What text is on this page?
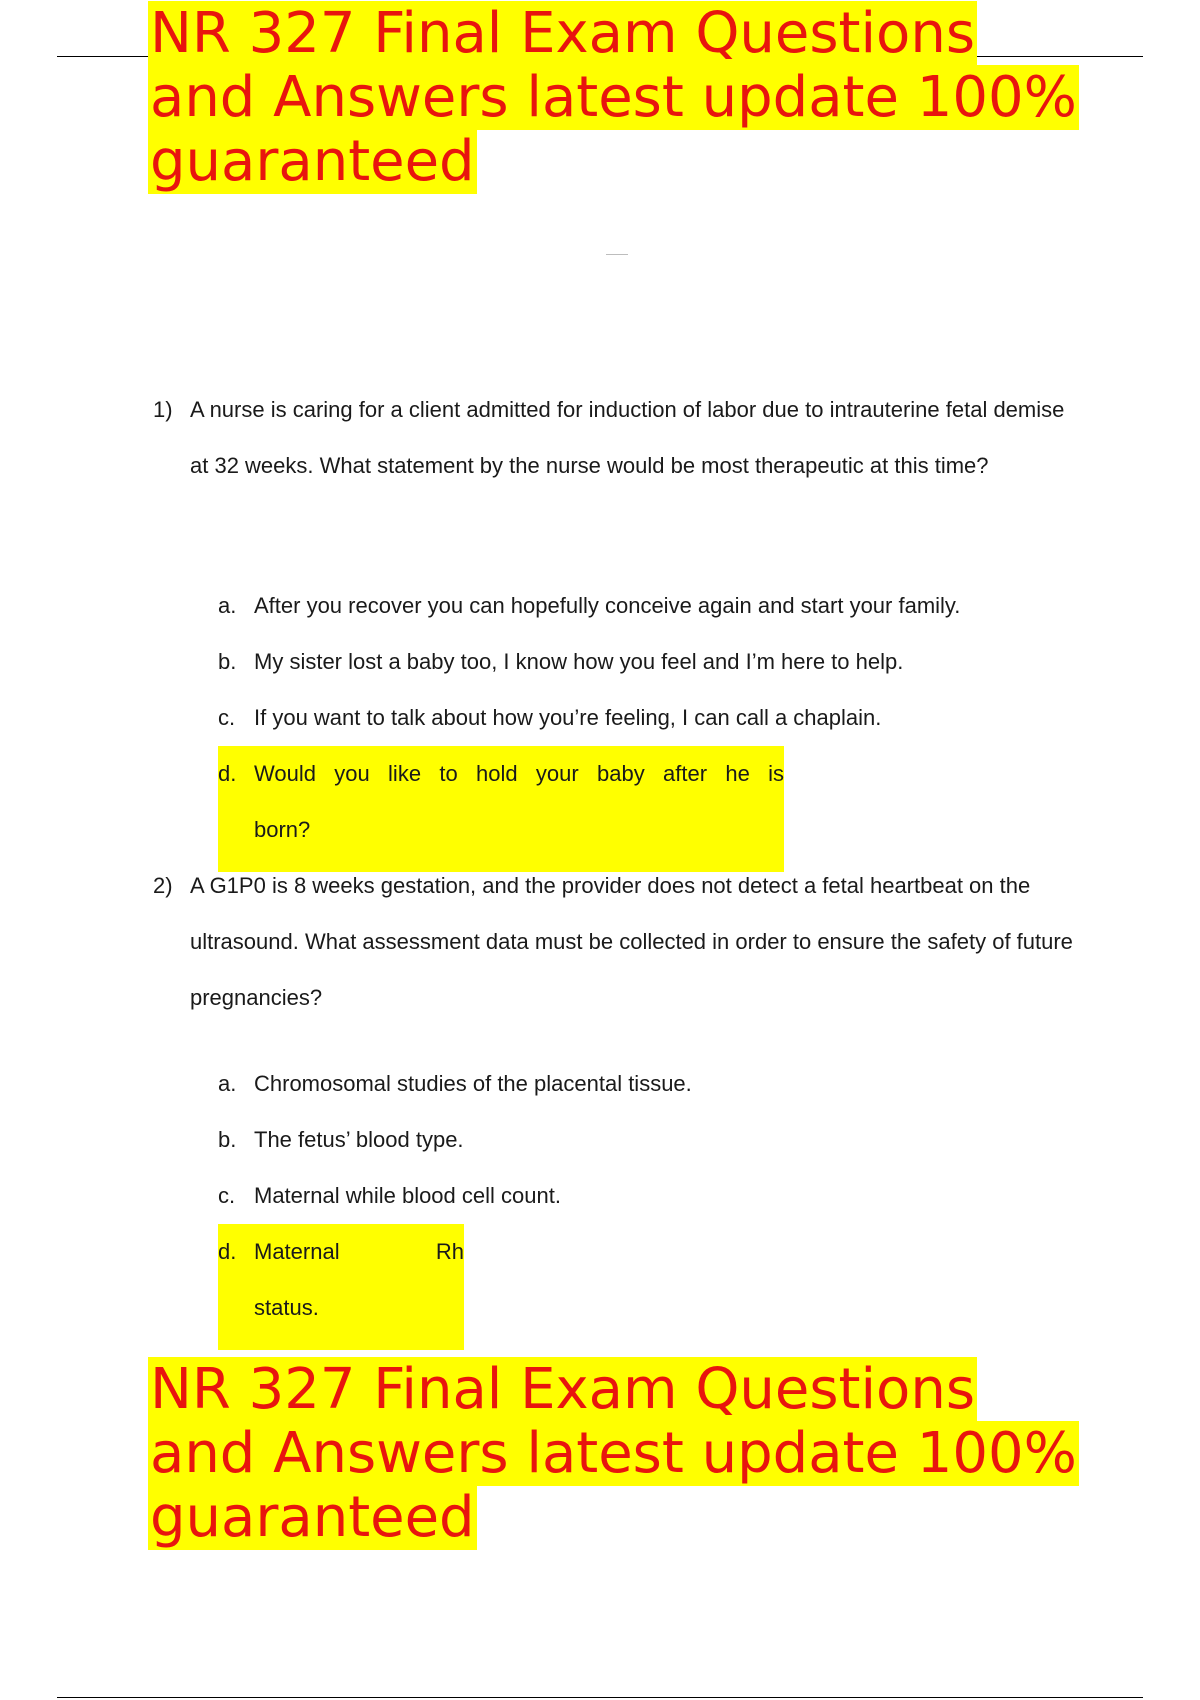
NR 327 Final Exam Questions and Answers latest update 100% guaranteed
1) A nurse is caring for a client admitted for induction of labor due to intrauterine fetal demise at 32 weeks. What statement by the nurse would be most therapeutic at this time?
a. After you recover you can hopefully conceive again and start your family.
b. My sister lost a baby too, I know how you feel and I’m here to help.
c. If you want to talk about how you’re feeling, I can call a chaplain.
d. Would you like to hold your baby after he is
born?
2) A G1P0 is 8 weeks gestation, and the provider does not detect a fetal heartbeat on the ultrasound. What assessment data must be collected in order to ensure the safety of future pregnancies?
a. Chromosomal studies of the placental tissue.
b. The fetus’ blood type.
c. Maternal while blood cell count.
d. Maternal	Rh
status.
NR 327 Final Exam Questions and Answers latest update 100% guaranteed
